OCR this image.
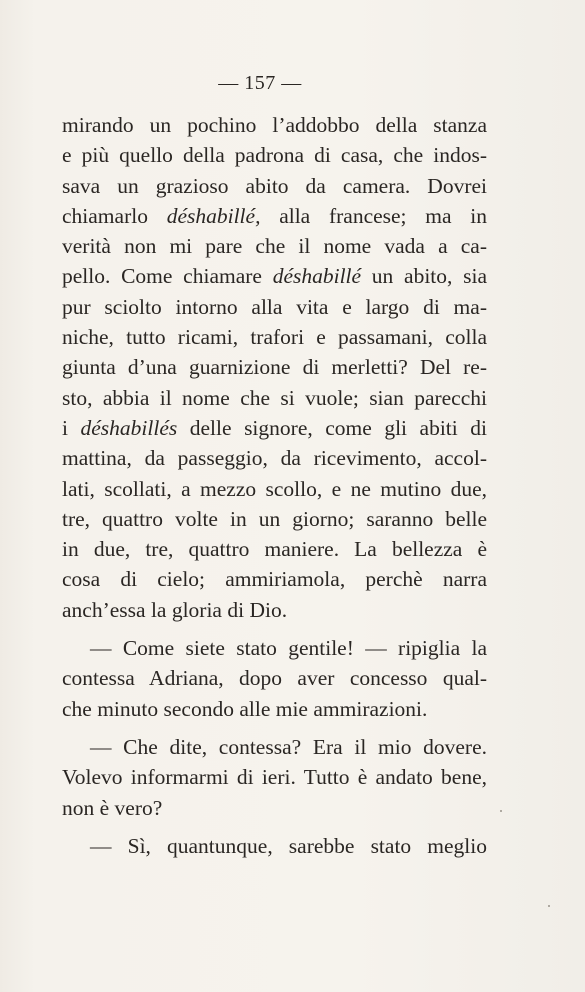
— 157 —
mirando un pochino l’addobbo della stanza
e più quello della padrona di casa, che indos-
sava un grazioso abito da camera. Dovrei
chiamarlo déshabillé, alla francese; ma in
verità non mi pare che il nome vada a ca-
pello. Come chiamare déshabillé un abito, sia
pur sciolto intorno alla vita e largo di ma-
niche, tutto ricami, trafori e passamani, colla
giunta d’una guarnizione di merletti? Del re-
sto, abbia il nome che si vuole; sian parecchi
i déshabillés delle signore, come gli abiti di
mattina, da passeggio, da ricevimento, accol-
lati, scollati, a mezzo scollo, e ne mutino due,
tre, quattro volte in un giorno; saranno belle
in due, tre, quattro maniere. La bellezza è
cosa di cielo; ammiriamola, perchè narra
anch’essa la gloria di Dio.
— Come siete stato gentile! — ripiglia la
contessa Adriana, dopo aver concesso qual-
che minuto secondo alle mie ammirazioni.
— Che dite, contessa? Era il mio dovere.
Volevo informarmi di ieri. Tutto è andato bene,
non è vero?
— Sì, quantunque, sarebbe stato meglio
